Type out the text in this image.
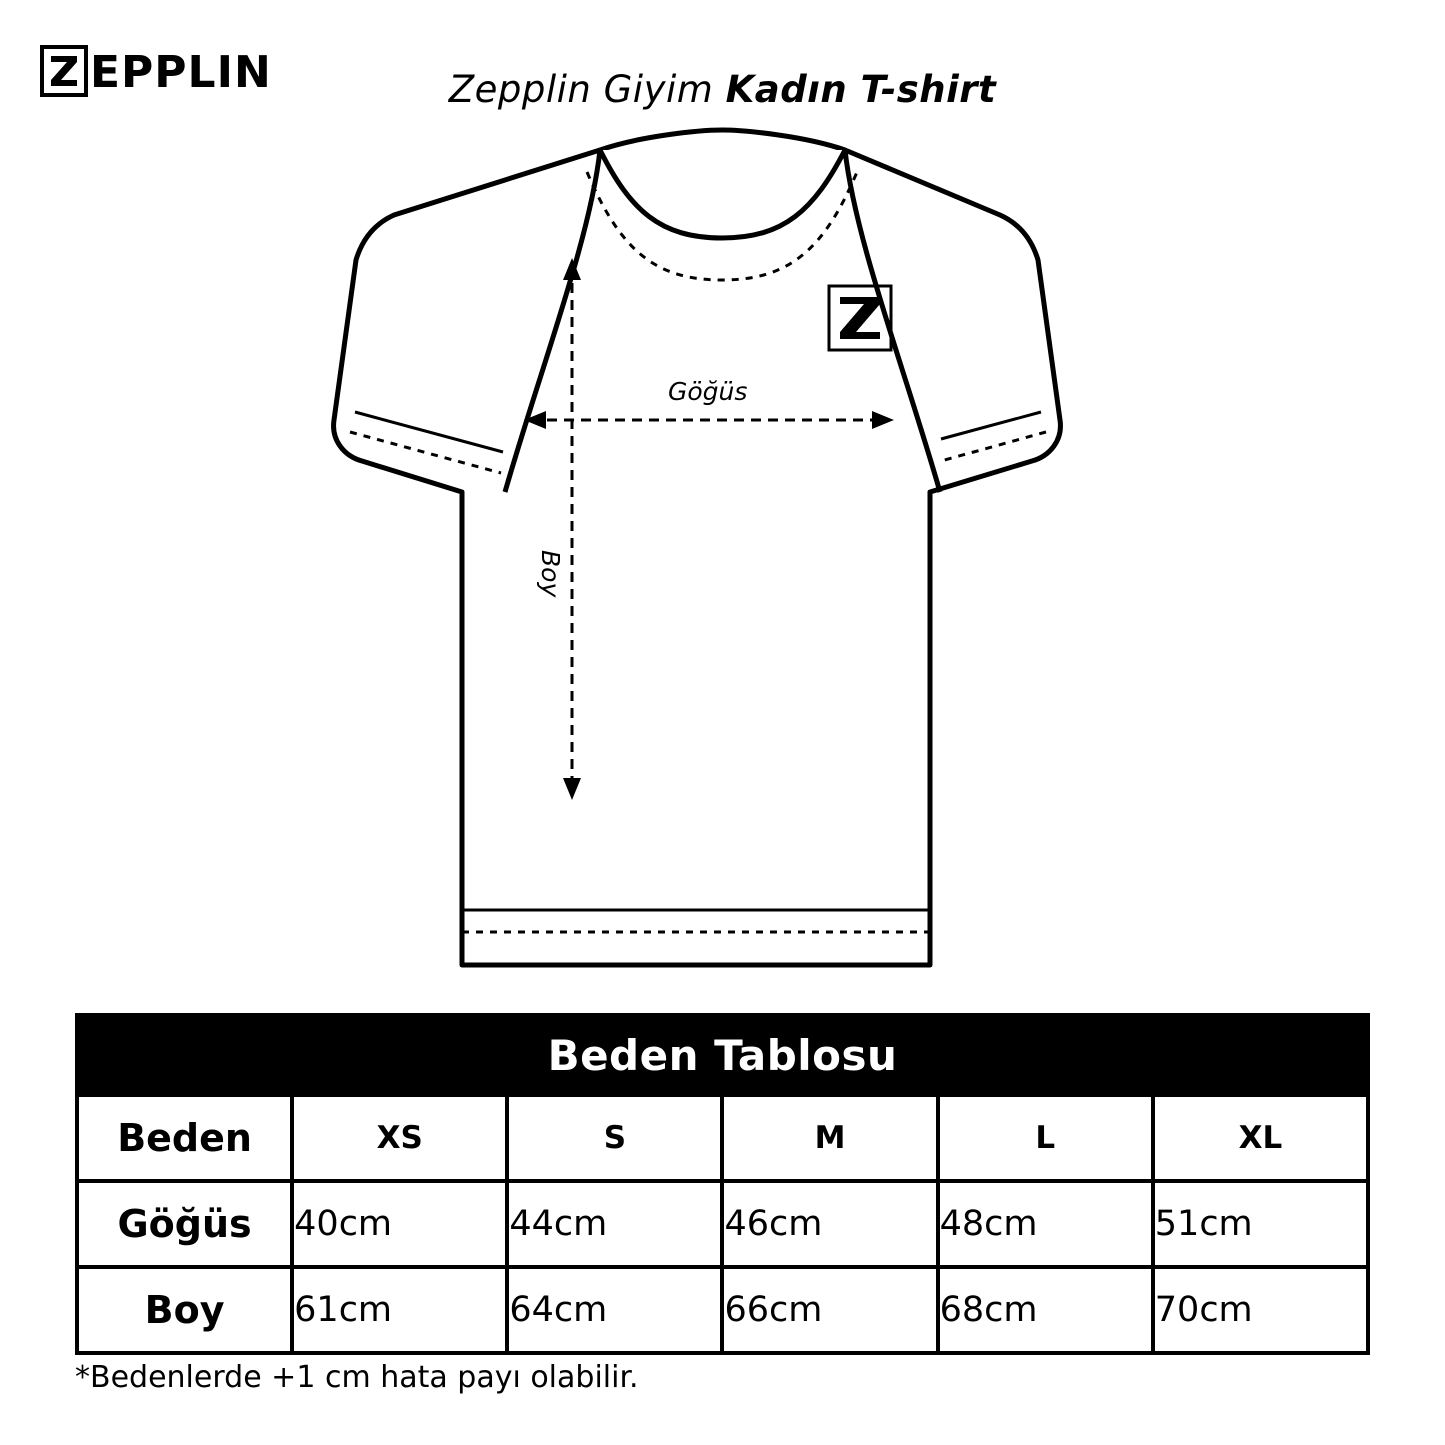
EPPLIN	Zepplin Giyim Kadın T-shirt
Göğüs
Boy
Beden Tablosu					
Beden	XS	S	M	L	XL
Göğüs	40cm	44cm	46cm	48cm	51cm
Boy	61cm	64cm	66cm	68cm	70cm
*Bedenlerde +1 cm hata payı olabilir.
